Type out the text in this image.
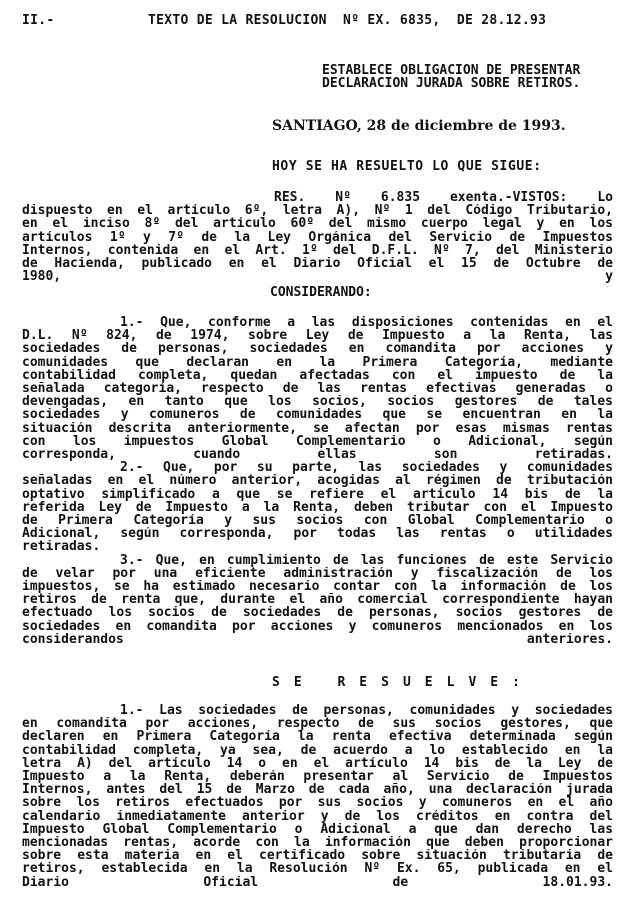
II.-	TEXTO DE LA RESOLUCION  Nº EX. 6835,  DE 28.12.93
ESTABLECE OBLIGACION DE PRESENTAR
DECLARACION JURADA SOBRE RETIROS.
SANTIAGO, 28 de diciembre de 1993.
HOY SE HA RESUELTO LO QUE SIGUE:
RES. Nº 6.835 exenta.-VISTOS: Lo
dispuesto en el artículo 6º, letra A), Nº 1 del Código Tributario,
en el inciso 8º del artículo 60º del mismo cuerpo legal y en los
artículos 1º y 7º de la Ley Orgánica del Servicio de Impuestos
Internos, contenida en el Art. 1º del D.F.L. Nº 7, del Ministerio
de Hacienda, publicado en el Diario Oficial el 15 de Octubre de
1980, y
CONSIDERANDO:
1.- Que, conforme a las disposiciones contenidas en el
D.L. Nº 824, de 1974, sobre Ley de Impuesto a la Renta, las
sociedades de personas, sociedades en comandita por acciones y
comunidades que declaran en la Primera Categoría, mediante
contabilidad completa, quedan afectadas con el impuesto de la
señalada categoría, respecto de las rentas efectivas generadas o
devengadas, en tanto que los socios, socios gestores de tales
sociedades y comuneros de comunidades que se encuentran en la
situación descrita anteriormente, se afectan por esas mismas rentas
con los impuestos Global Complementario o Adicional, según
corresponda, cuando ellas son retiradas.
2.- Que, por su parte, las sociedades y comunidades
señaladas en el número anterior, acogidas al régimen de tributación
optativo simplificado a que se refiere el artículo 14 bis de la
referida Ley de Impuesto a la Renta, deben tributar con el Impuesto
de Primera Categoría y sus socios con Global Complementario o
Adicional, según corresponda, por todas las rentas o utilidades
retiradas.
3.- Que, en cumplimiento de las funciones de este Servicio
de velar por una eficiente administración y fiscalización de los
impuestos, se ha estimado necesario contar con la información de los
retiros de renta que, durante el año comercial correspondiente hayan
efectuado los socios de sociedades de personas, socios gestores de
sociedades en comandita por acciones y comuneros mencionados en los
considerandos anteriores.
SE RESUELVE:
1.- Las sociedades de personas, comunidades y sociedades
en comandita por acciones, respecto de sus socios gestores, que
declaren en Primera Categoría la renta efectiva determinada según
contabilidad completa, ya sea, de acuerdo a lo establecido en la
letra A) del artículo 14 o en el artículo 14 bis de la Ley de
Impuesto a la Renta, deberán presentar al Servicio de Impuestos
Internos, antes del 15 de Marzo de cada año, una declaración jurada
sobre los retiros efectuados por sus socios y comuneros en el año
calendario inmediatamente anterior y de los créditos en contra del
Impuesto Global Complementario o Adicional a que dan derecho las
mencionadas rentas, acorde con la información que deben proporcionar
sobre esta materia en el certificado sobre situación tributaria de
retiros, establecida en la Resolución Nº Ex. 65, publicada en el
Diario Oficial de 18.01.93.
